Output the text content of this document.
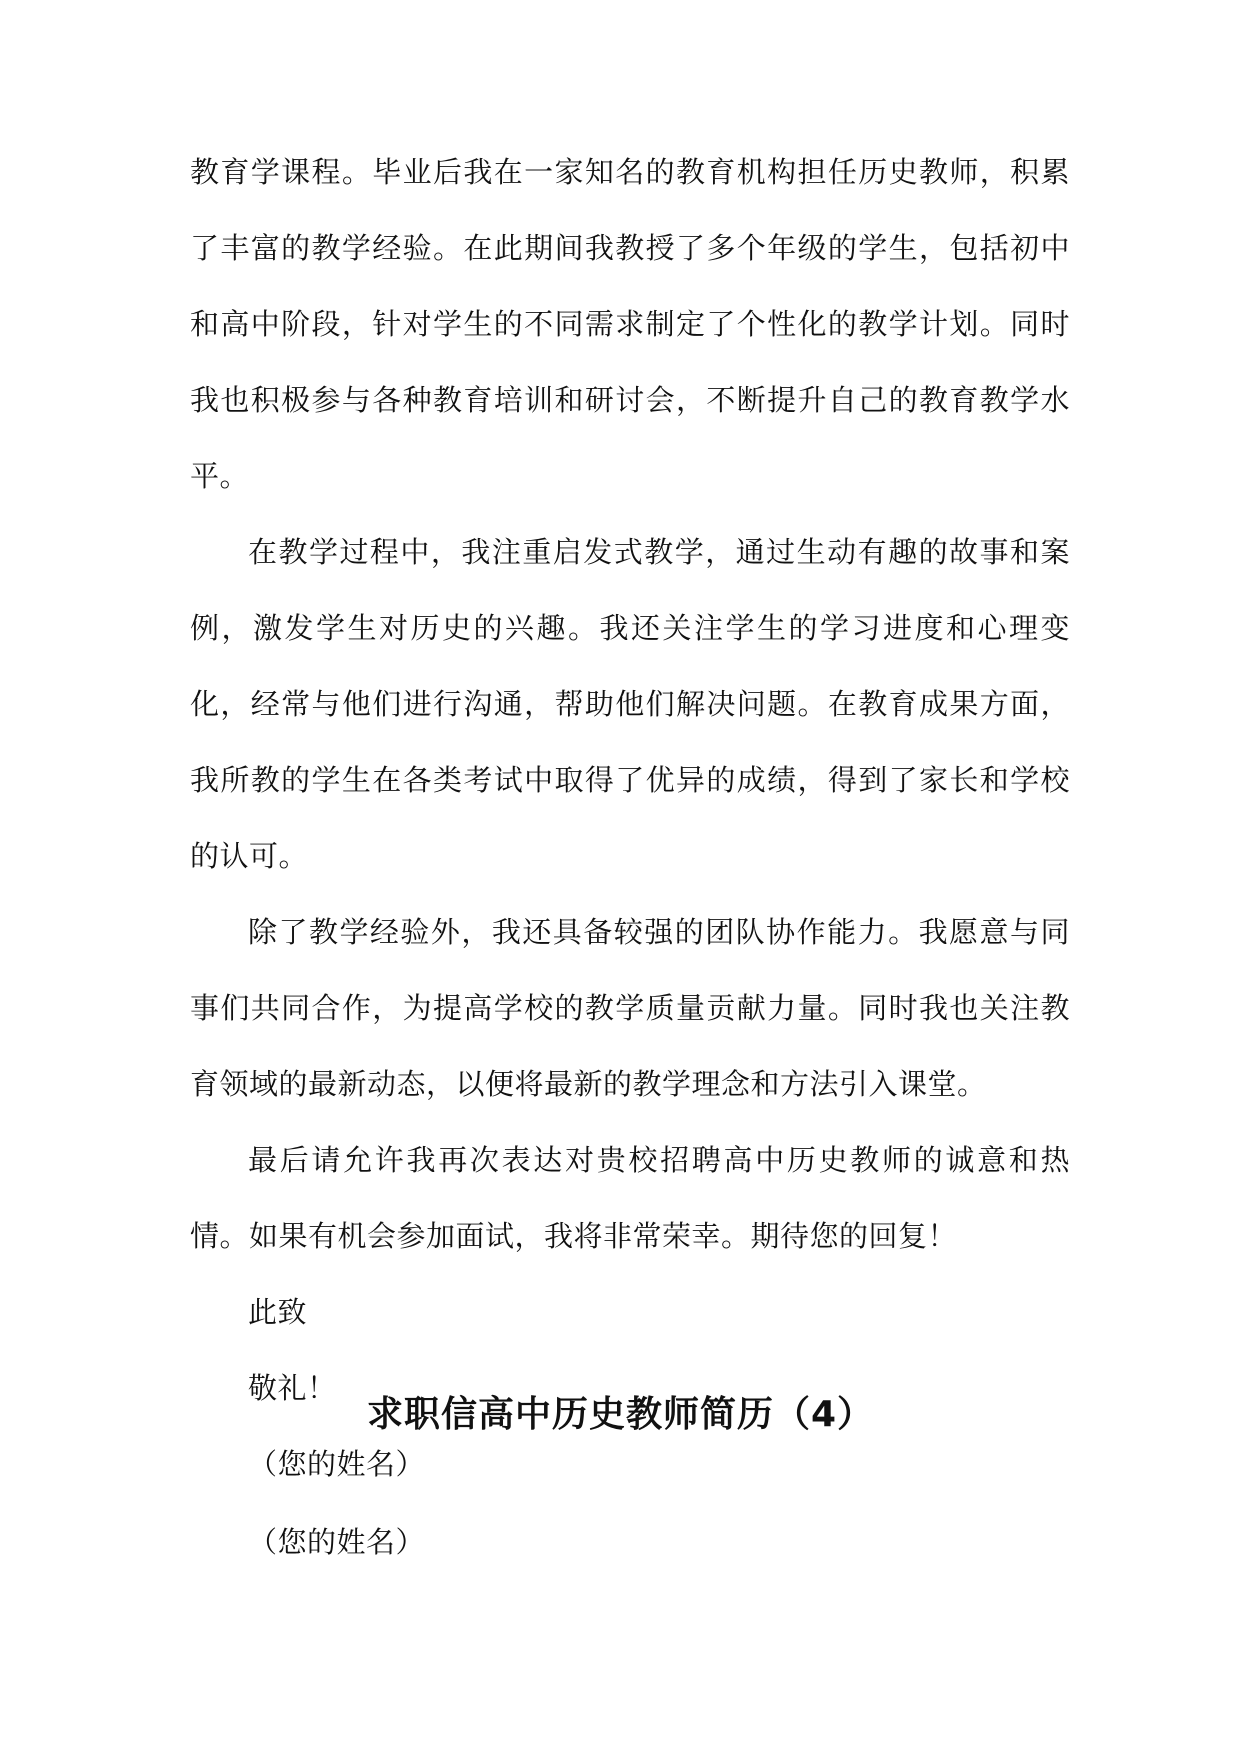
教育学课程。毕业后我在一家知名的教育机构担任历史教师，积累了丰富的教学经验。在此期间我教授了多个年级的学生，包括初中和高中阶段，针对学生的不同需求制定了个性化的教学计划。同时我也积极参与各种教育培训和研讨会，不断提升自己的教育教学水平。

在教学过程中，我注重启发式教学，通过生动有趣的故事和案例，激发学生对历史的兴趣。我还关注学生的学习进度和心理变化，经常与他们进行沟通，帮助他们解决问题。在教育成果方面，我所教的学生在各类考试中取得了优异的成绩，得到了家长和学校的认可。

除了教学经验外，我还具备较强的团队协作能力。我愿意与同事们共同合作，为提高学校的教学质量贡献力量。同时我也关注教育领域的最新动态，以便将最新的教学理念和方法引入课堂。

最后请允许我再次表达对贵校招聘高中历史教师的诚意和热情。如果有机会参加面试，我将非常荣幸。期待您的回复！

此致

敬礼！

（您的姓名）

求职信高中历史教师简历（4）

（您的姓名）
